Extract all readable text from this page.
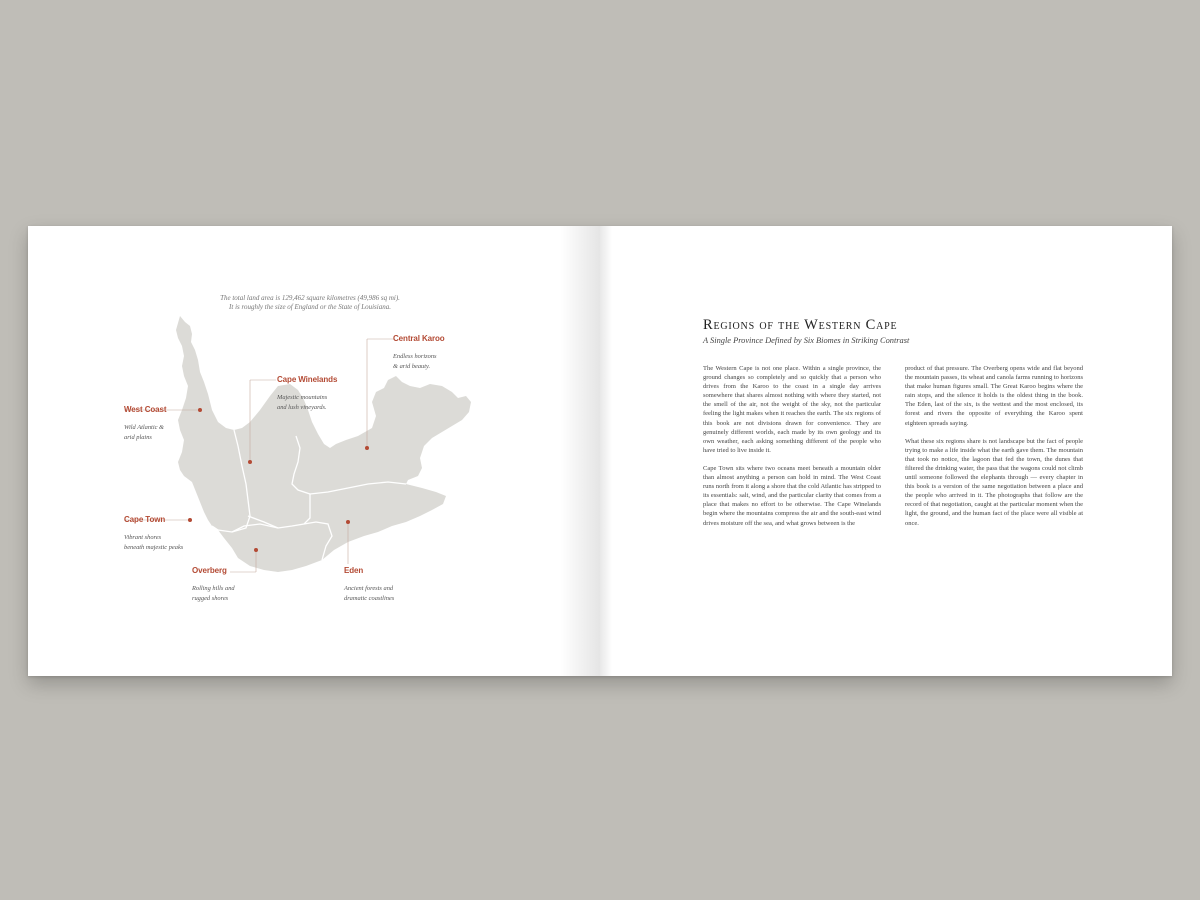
The total land area is 129,462 square kilometres (49,986 sq mi).
It is roughly the size of England or the State of Louisiana.
West Coast
Wild Atlantic &
arid plains
Cape Winelands
Majestic mountains
and lush vineyards.
Central Karoo
Endless horizons
& arid beauty.
Cape Town
Vibrant shores
beneath majestic peaks
Overberg
Rolling hills and
rugged shores
Eden
Ancient forests and
dramatic coastlines
Regions of the Western Cape
A Single Province Defined by Six Biomes in Striking Contrast

The Western Cape is not one place. Within a single province, the ground changes so completely and so quickly that a person who drives from the Karoo to the coast in a single day arrives somewhere that shares almost nothing with where they started, not the smell of the air, not the weight of the sky, not the particular feeling the light makes when it reaches the earth. The six regions of this book are not divisions drawn for convenience. They are genuinely different worlds, each made by its own geology and its own weather, each asking something different of the people who have tried to live inside it.

Cape Town sits where two oceans meet beneath a mountain older than almost anything a person can hold in mind. The West Coast runs north from it along a shore that the cold Atlantic has stripped to its essentials: salt, wind, and the particular clarity that comes from a place that makes no effort to be otherwise. The Cape Winelands begin where the mountains compress the air and the south-east wind drives moisture off the sea, and what grows between is the

product of that pressure. The Overberg opens wide and flat beyond the mountain passes, its wheat and canola farms running to horizons that make human figures small. The Great Karoo begins where the rain stops, and the silence it holds is the oldest thing in the book. The Eden, last of the six, is the wettest and the most enclosed, its forest and rivers the opposite of everything the Karoo spent eighteen spreads saying.

What these six regions share is not landscape but the fact of people trying to make a life inside what the earth gave them. The mountain that took no notice, the lagoon that fed the town, the dunes that filtered the drinking water, the pass that the wagons could not climb until someone followed the elephants through — every chapter in this book is a version of the same negotiation between a place and the people who arrived in it. The photographs that follow are the record of that negotiation, caught at the particular moment when the light, the ground, and the human fact of the place were all visible at once.
